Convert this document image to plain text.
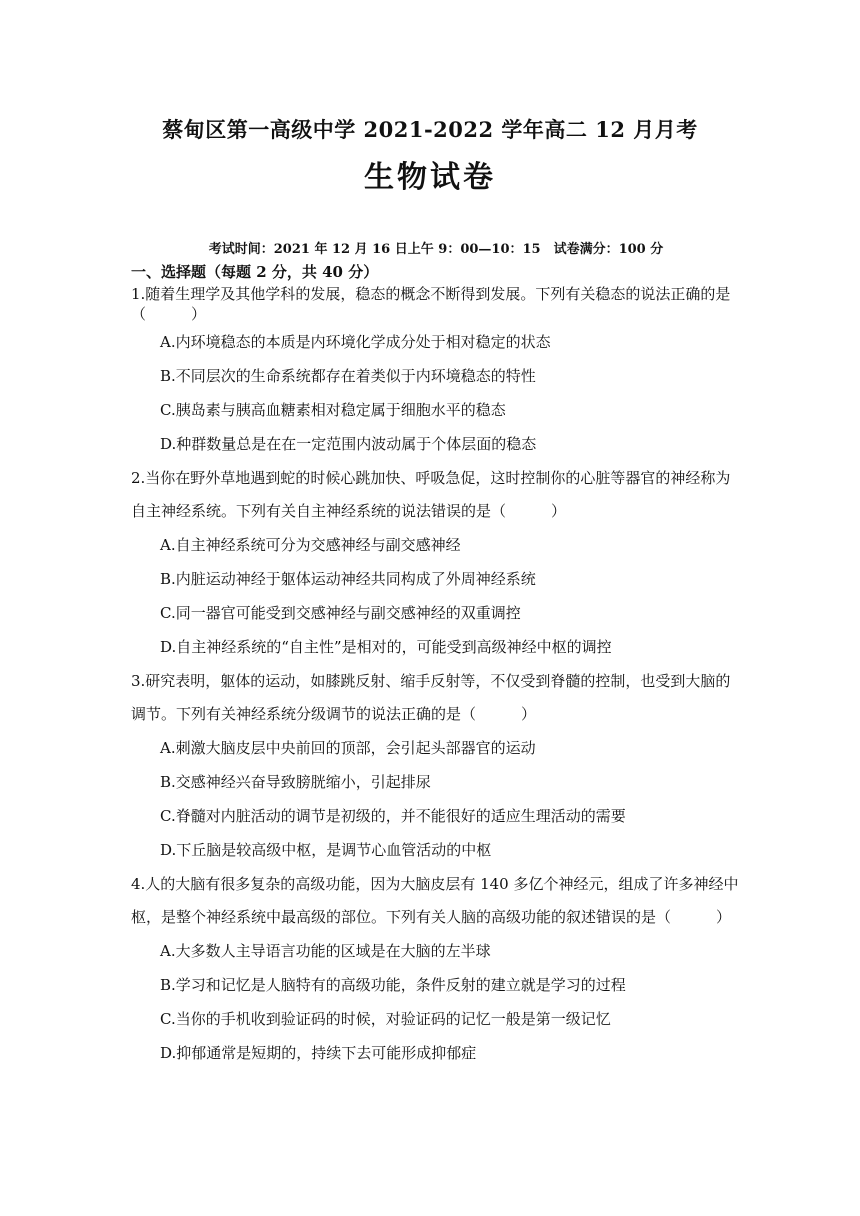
蔡甸区第一高级中学 2021-2022 学年高二 12 月月考
生物试卷
考试时间：2021 年 12 月 16 日上午 9：00—10：15　试卷满分：100 分
一、选择题（每题 2 分，共 40 分）
1.随着生理学及其他学科的发展，稳态的概念不断得到发展。下列有关稳态的说法正确的是
（　　　）
A.内环境稳态的本质是内环境化学成分处于相对稳定的状态
B.不同层次的生命系统都存在着类似于内环境稳态的特性
C.胰岛素与胰高血糖素相对稳定属于细胞水平的稳态
D.种群数量总是在在一定范围内波动属于个体层面的稳态
2.当你在野外草地遇到蛇的时候心跳加快、呼吸急促，这时控制你的心脏等器官的神经称为
自主神经系统。下列有关自主神经系统的说法错误的是（　　　）
A.自主神经系统可分为交感神经与副交感神经
B.内脏运动神经于躯体运动神经共同构成了外周神经系统
C.同一器官可能受到交感神经与副交感神经的双重调控
D.自主神经系统的“自主性”是相对的，可能受到高级神经中枢的调控
3.研究表明，躯体的运动，如膝跳反射、缩手反射等，不仅受到脊髓的控制，也受到大脑的
调节。下列有关神经系统分级调节的说法正确的是（　　　）
A.刺激大脑皮层中央前回的顶部，会引起头部器官的运动
B.交感神经兴奋导致膀胱缩小，引起排尿
C.脊髓对内脏活动的调节是初级的，并不能很好的适应生理活动的需要
D.下丘脑是较高级中枢，是调节心血管活动的中枢
4.人的大脑有很多复杂的高级功能，因为大脑皮层有 140 多亿个神经元，组成了许多神经中
枢，是整个神经系统中最高级的部位。下列有关人脑的高级功能的叙述错误的是（　　　）
A.大多数人主导语言功能的区域是在大脑的左半球
B.学习和记忆是人脑特有的高级功能，条件反射的建立就是学习的过程
C.当你的手机收到验证码的时候，对验证码的记忆一般是第一级记忆
D.抑郁通常是短期的，持续下去可能形成抑郁症
